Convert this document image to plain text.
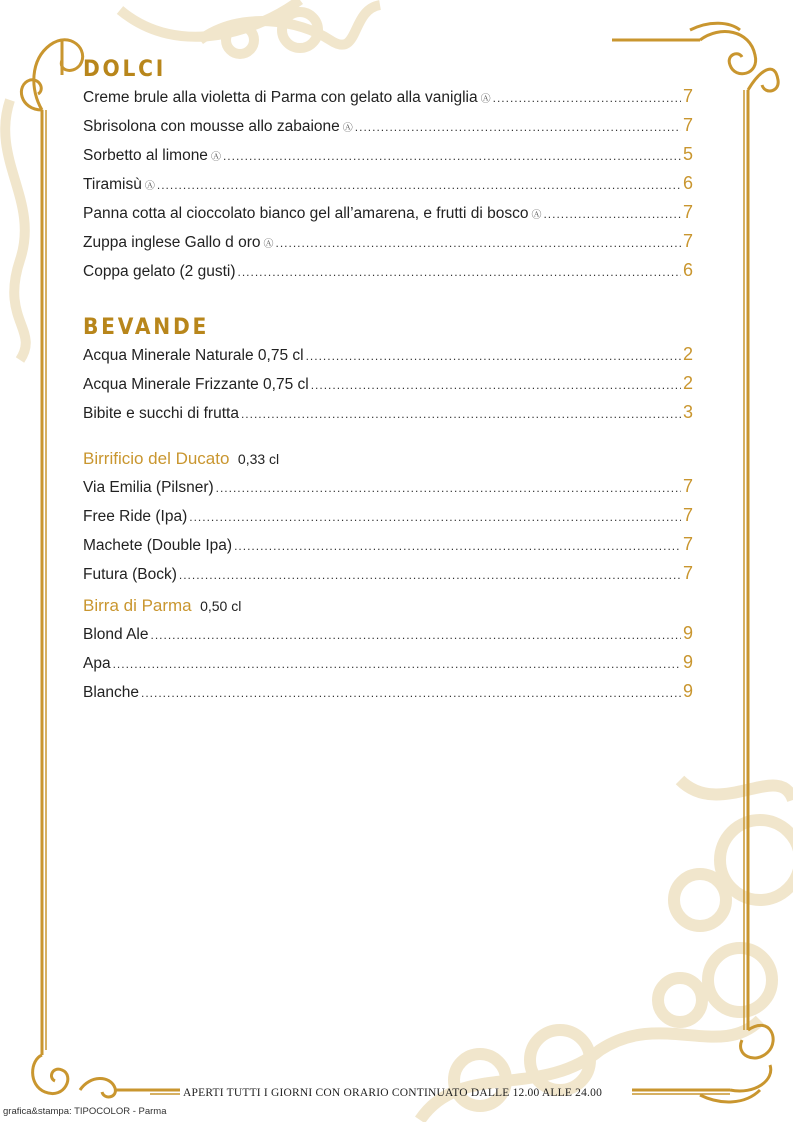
DOLCI
Creme brule alla violetta di Parma con gelato alla vaniglia Ⓐ .....	7
Sbrisolona con mousse allo zabaione Ⓐ .....	7
Sorbetto al limone Ⓐ .....	5
Tiramisù Ⓐ .....	6
Panna cotta al cioccolato bianco gel all’amarena, e frutti di bosco Ⓐ .....	7
Zuppa inglese Gallo d oro Ⓐ .....	7
Coppa gelato (2 gusti) .....	6
BEVANDE
Acqua Minerale Naturale 0,75 cl .....	2
Acqua Minerale Frizzante 0,75 cl .....	2
Bibite e succhi di frutta .....	3
Birrificio del Ducato 0,33 cl
Via Emilia (Pilsner) .....	7
Free Ride (Ipa) .....	7
Machete (Double Ipa) .....	7
Futura (Bock) .....	7
Birra di Parma 0,50 cl
Blond Ale .....	9
Apa .....	9
Blanche .....	9
APERTI TUTTI I GIORNI CON ORARIO CONTINUATO DALLE 12.00 ALLE 24.00
grafica&stampa: TIPOCOLOR - Parma
